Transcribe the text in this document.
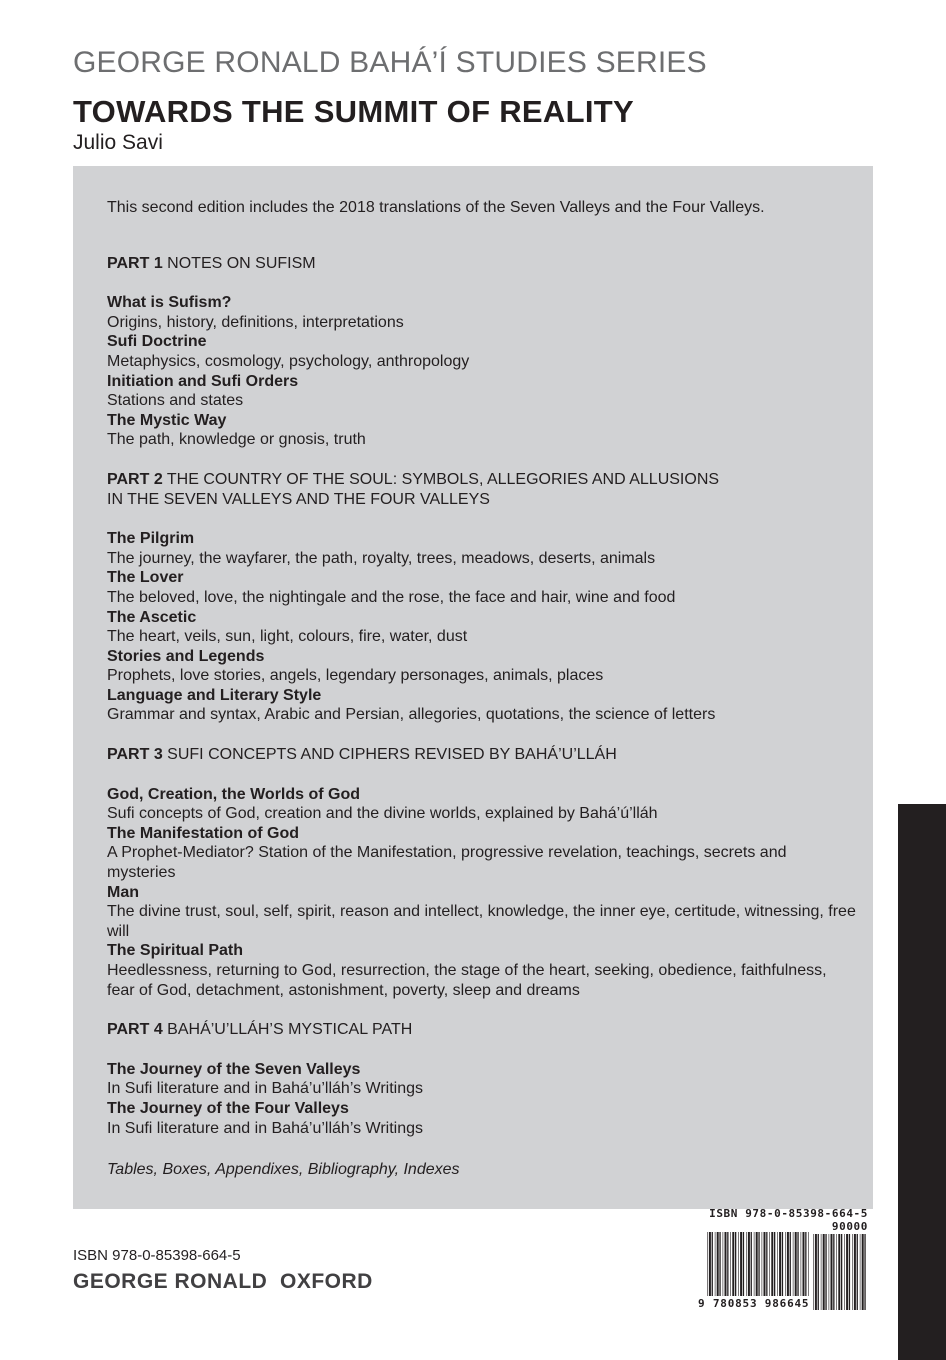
GEORGE RONALD BAHÁ’Í STUDIES SERIES
TOWARDS THE SUMMIT OF REALITY
Julio Savi

This second edition includes the 2018 translations of the Seven Valleys and the Four Valleys.

PART 1 NOTES ON SUFISM

What is Sufism?
Origins, history, definitions, interpretations
Sufi Doctrine
Metaphysics, cosmology, psychology, anthropology
Initiation and Sufi Orders
Stations and states
The Mystic Way
The path, knowledge or gnosis, truth

PART 2 THE COUNTRY OF THE SOUL: SYMBOLS, ALLEGORIES AND ALLUSIONS
IN THE SEVEN VALLEYS AND THE FOUR VALLEYS

The Pilgrim
The journey, the wayfarer, the path, royalty, trees, meadows, deserts, animals
The Lover
The beloved, love, the nightingale and the rose, the face and hair, wine and food
The Ascetic
The heart, veils, sun, light, colours, fire, water, dust
Stories and Legends
Prophets, love stories, angels, legendary personages, animals, places
Language and Literary Style
Grammar and syntax, Arabic and Persian, allegories, quotations, the science of letters

PART 3 SUFI CONCEPTS AND CIPHERS REVISED BY BAHÁ’U’LLÁH

God, Creation, the Worlds of God
Sufi concepts of God, creation and the divine worlds, explained by Bahá’ú’lláh
The Manifestation of God
A Prophet-Mediator? Station of the Manifestation, progressive revelation, teachings, secrets and mysteries
Man
The divine trust, soul, self, spirit, reason and intellect, knowledge, the inner eye, certitude, witnessing, free will
The Spiritual Path
Heedlessness, returning to God, resurrection, the stage of the heart, seeking, obedience, faithfulness, fear of God, detachment, astonishment, poverty, sleep and dreams

PART 4 BAHÁ’U’LLÁH’S MYSTICAL PATH

The Journey of the Seven Valleys
In Sufi literature and in Bahá’u’lláh’s Writings
The Journey of the Four Valleys
In Sufi literature and in Bahá’u’lláh’s Writings

Tables, Boxes, Appendixes, Bibliography, Indexes

ISBN 978-0-85398-664-5
GEORGE RONALD  OXFORD
ISBN 978-0-85398-664-5
90000
9 780853 986645
